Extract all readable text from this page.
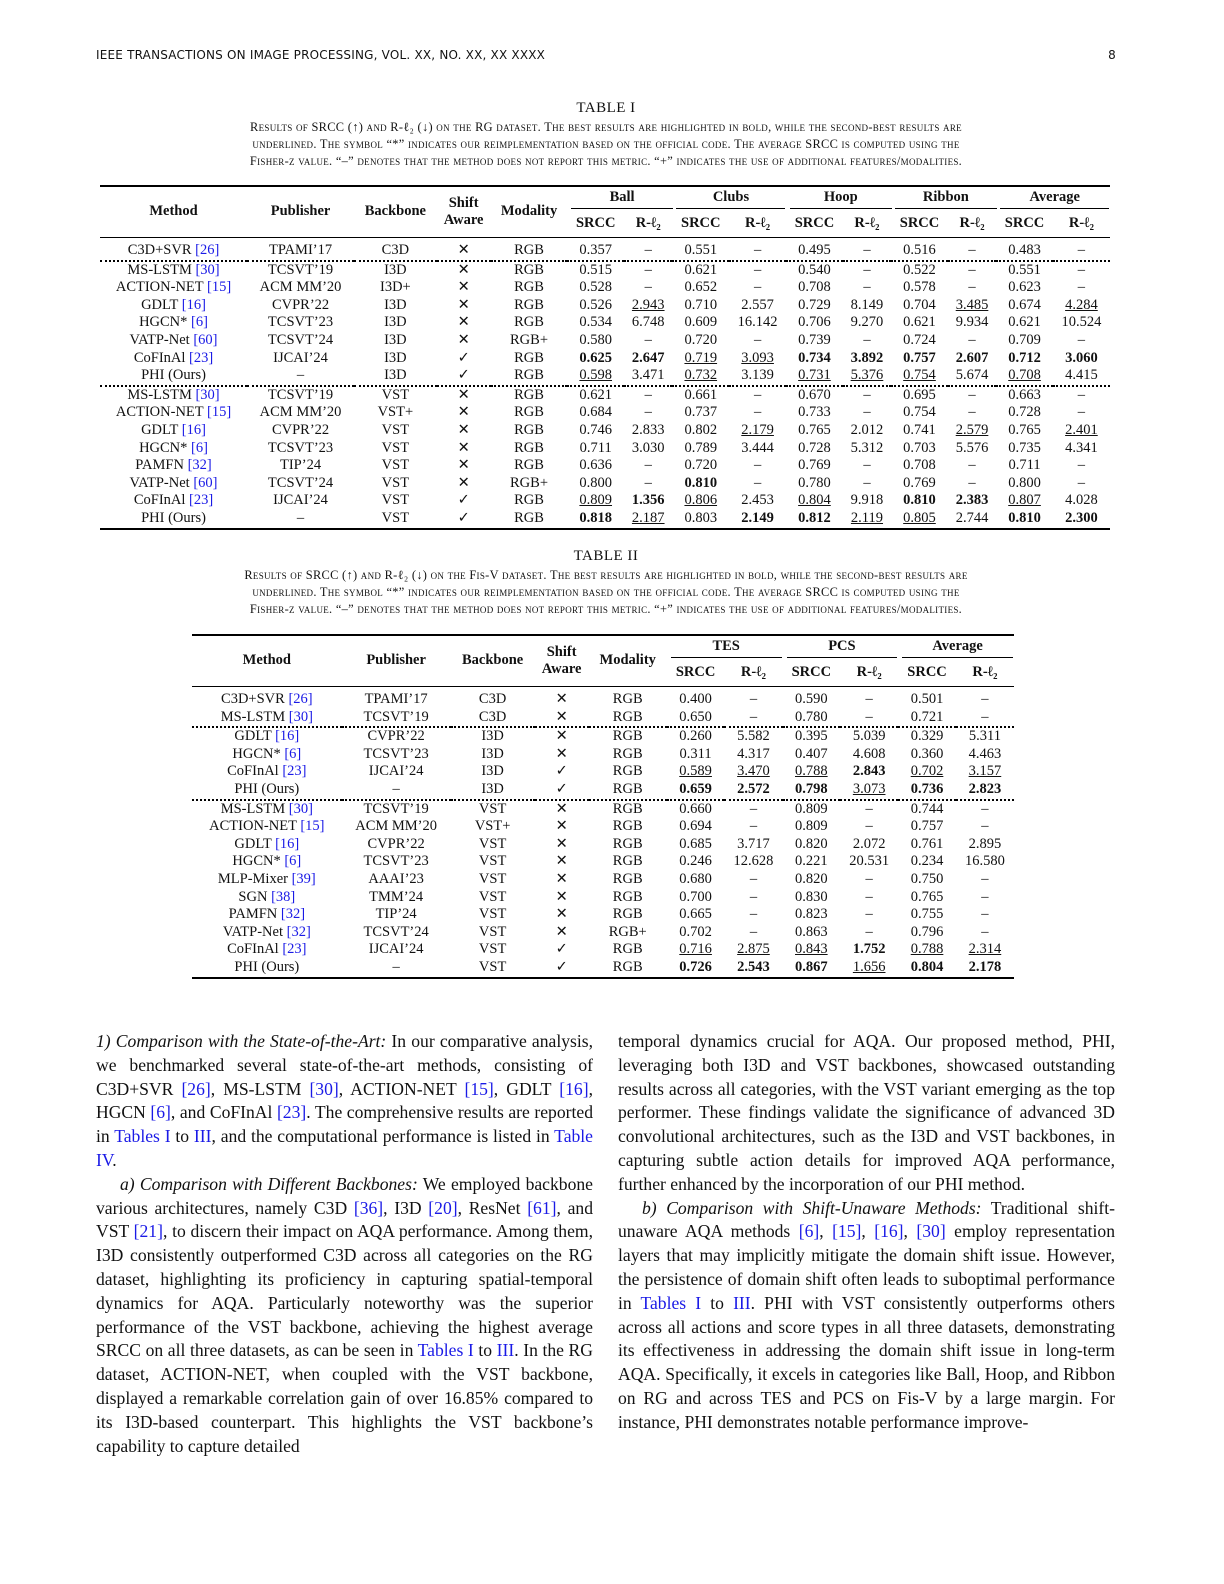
IEEE TRANSACTIONS ON IMAGE PROCESSING, VOL. XX, NO. XX, XX XXXX	8
TABLE I
Results of SRCC (↑) and R-ℓ₂ (↓) on the RG dataset. The best results are highlighted in bold, while the second-best results are
underlined. The symbol “*” indicates our reimplementation based on the official code. The average SRCC is computed using the
Fisher-z value. “–” denotes that the method does not report this metric. “+” indicates the use of additional features/modalities.
Method	Publisher	Backbone	Shift Aware	Modality	Ball		Clubs		Hoop		Ribbon		Average	
					SRCC	R-ℓ₂	SRCC	R-ℓ₂	SRCC	R-ℓ₂	SRCC	R-ℓ₂	SRCC	R-ℓ₂
C3D+SVR [26]	TPAMI’17	C3D	✕	RGB	0.357	–	0.551	–	0.495	–	0.516	–	0.483	–
MS-LSTM [30]	TCSVT’19	I3D	✕	RGB	0.515	–	0.621	–	0.540	–	0.522	–	0.551	–
ACTION-NET [15]	ACM MM’20	I3D+	✕	RGB	0.528	–	0.652	–	0.708	–	0.578	–	0.623	–
GDLT [16]	CVPR’22	I3D	✕	RGB	0.526	2.943	0.710	2.557	0.729	8.149	0.704	3.485	0.674	4.284
HGCN* [6]	TCSVT’23	I3D	✕	RGB	0.534	6.748	0.609	16.142	0.706	9.270	0.621	9.934	0.621	10.524
VATP-Net [60]	TCSVT’24	I3D	✕	RGB+	0.580	–	0.720	–	0.739	–	0.724	–	0.709	–
CoFInAl [23]	IJCAI’24	I3D	✓	RGB	0.625	2.647	0.719	3.093	0.734	3.892	0.757	2.607	0.712	3.060
PHI (Ours)	–	I3D	✓	RGB	0.598	3.471	0.732	3.139	0.731	5.376	0.754	5.674	0.708	4.415
MS-LSTM [30]	TCSVT’19	VST	✕	RGB	0.621	–	0.661	–	0.670	–	0.695	–	0.663	–
ACTION-NET [15]	ACM MM’20	VST+	✕	RGB	0.684	–	0.737	–	0.733	–	0.754	–	0.728	–
GDLT [16]	CVPR’22	VST	✕	RGB	0.746	2.833	0.802	2.179	0.765	2.012	0.741	2.579	0.765	2.401
HGCN* [6]	TCSVT’23	VST	✕	RGB	0.711	3.030	0.789	3.444	0.728	5.312	0.703	5.576	0.735	4.341
PAMFN [32]	TIP’24	VST	✕	RGB	0.636	–	0.720	–	0.769	–	0.708	–	0.711	–
VATP-Net [60]	TCSVT’24	VST	✕	RGB+	0.800	–	0.810	–	0.780	–	0.769	–	0.800	–
CoFInAl [23]	IJCAI’24	VST	✓	RGB	0.809	1.356	0.806	2.453	0.804	9.918	0.810	2.383	0.807	4.028
PHI (Ours)	–	VST	✓	RGB	0.818	2.187	0.803	2.149	0.812	2.119	0.805	2.744	0.810	2.300
TABLE II
Results of SRCC (↑) and R-ℓ₂ (↓) on the Fis-V dataset. The best results are highlighted in bold, while the second-best results are
underlined. The symbol “*” indicates our reimplementation based on the official code. The average SRCC is computed using the
Fisher-z value. “–” denotes that the method does not report this metric. “+” indicates the use of additional features/modalities.
Method	Publisher	Backbone	Shift Aware	Modality	TES		PCS		Average	
					SRCC	R-ℓ₂	SRCC	R-ℓ₂	SRCC	R-ℓ₂
C3D+SVR [26]	TPAMI’17	C3D	✕	RGB	0.400	–	0.590	–	0.501	–
MS-LSTM [30]	TCSVT’19	C3D	✕	RGB	0.650	–	0.780	–	0.721	–
GDLT [16]	CVPR’22	I3D	✕	RGB	0.260	5.582	0.395	5.039	0.329	5.311
HGCN* [6]	TCSVT’23	I3D	✕	RGB	0.311	4.317	0.407	4.608	0.360	4.463
CoFInAl [23]	IJCAI’24	I3D	✓	RGB	0.589	3.470	0.788	2.843	0.702	3.157
PHI (Ours)	–	I3D	✓	RGB	0.659	2.572	0.798	3.073	0.736	2.823
MS-LSTM [30]	TCSVT’19	VST	✕	RGB	0.660	–	0.809	–	0.744	–
ACTION-NET [15]	ACM MM’20	VST+	✕	RGB	0.694	–	0.809	–	0.757	–
GDLT [16]	CVPR’22	VST	✕	RGB	0.685	3.717	0.820	2.072	0.761	2.895
HGCN* [6]	TCSVT’23	VST	✕	RGB	0.246	12.628	0.221	20.531	0.234	16.580
MLP-Mixer [39]	AAAI’23	VST	✕	RGB	0.680	–	0.820	–	0.750	–
SGN [38]	TMM’24	VST	✕	RGB	0.700	–	0.830	–	0.765	–
PAMFN [32]	TIP’24	VST	✕	RGB	0.665	–	0.823	–	0.755	–
VATP-Net [32]	TCSVT’24	VST	✕	RGB+	0.702	–	0.863	–	0.796	–
CoFInAl [23]	IJCAI’24	VST	✓	RGB	0.716	2.875	0.843	1.752	0.788	2.314
PHI (Ours)	–	VST	✓	RGB	0.726	2.543	0.867	1.656	0.804	2.178

1) Comparison with the State-of-the-Art: In our comparative analysis, we benchmarked several state-of-the-art methods, consisting of C3D+SVR [26], MS-LSTM [30], ACTION-NET [15], GDLT [16], HGCN [6], and CoFInAl [23]. The comprehensive results are reported in Tables I to III, and the computational performance is listed in Table IV.

a) Comparison with Different Backbones: We employed backbone various architectures, namely C3D [36], I3D [20], ResNet [61], and VST [21], to discern their impact on AQA performance. Among them, I3D consistently outperformed C3D across all categories on the RG dataset, highlighting its proficiency in capturing spatial-temporal dynamics for AQA. Particularly noteworthy was the superior performance of the VST backbone, achieving the highest average SRCC on all three datasets, as can be seen in Tables I to III. In the RG dataset, ACTION-NET, when coupled with the VST backbone, displayed a remarkable correlation gain of over 16.85% compared to its I3D-based counterpart. This highlights the VST backbone’s capability to capture detailed

temporal dynamics crucial for AQA. Our proposed method, PHI, leveraging both I3D and VST backbones, showcased outstanding results across all categories, with the VST variant emerging as the top performer. These findings validate the significance of advanced 3D convolutional architectures, such as the I3D and VST backbones, in capturing subtle action details for improved AQA performance, further enhanced by the incorporation of our PHI method.

b) Comparison with Shift-Unaware Methods: Traditional shift-unaware AQA methods [6], [15], [16], [30] employ representation layers that may implicitly mitigate the domain shift issue. However, the persistence of domain shift often leads to suboptimal performance in Tables I to III. PHI with VST consistently outperforms others across all actions and score types in all three datasets, demonstrating its effectiveness in addressing the domain shift issue in long-term AQA. Specifically, it excels in categories like Ball, Hoop, and Ribbon on RG and across TES and PCS on Fis-V by a large margin. For instance, PHI demonstrates notable performance improve-
